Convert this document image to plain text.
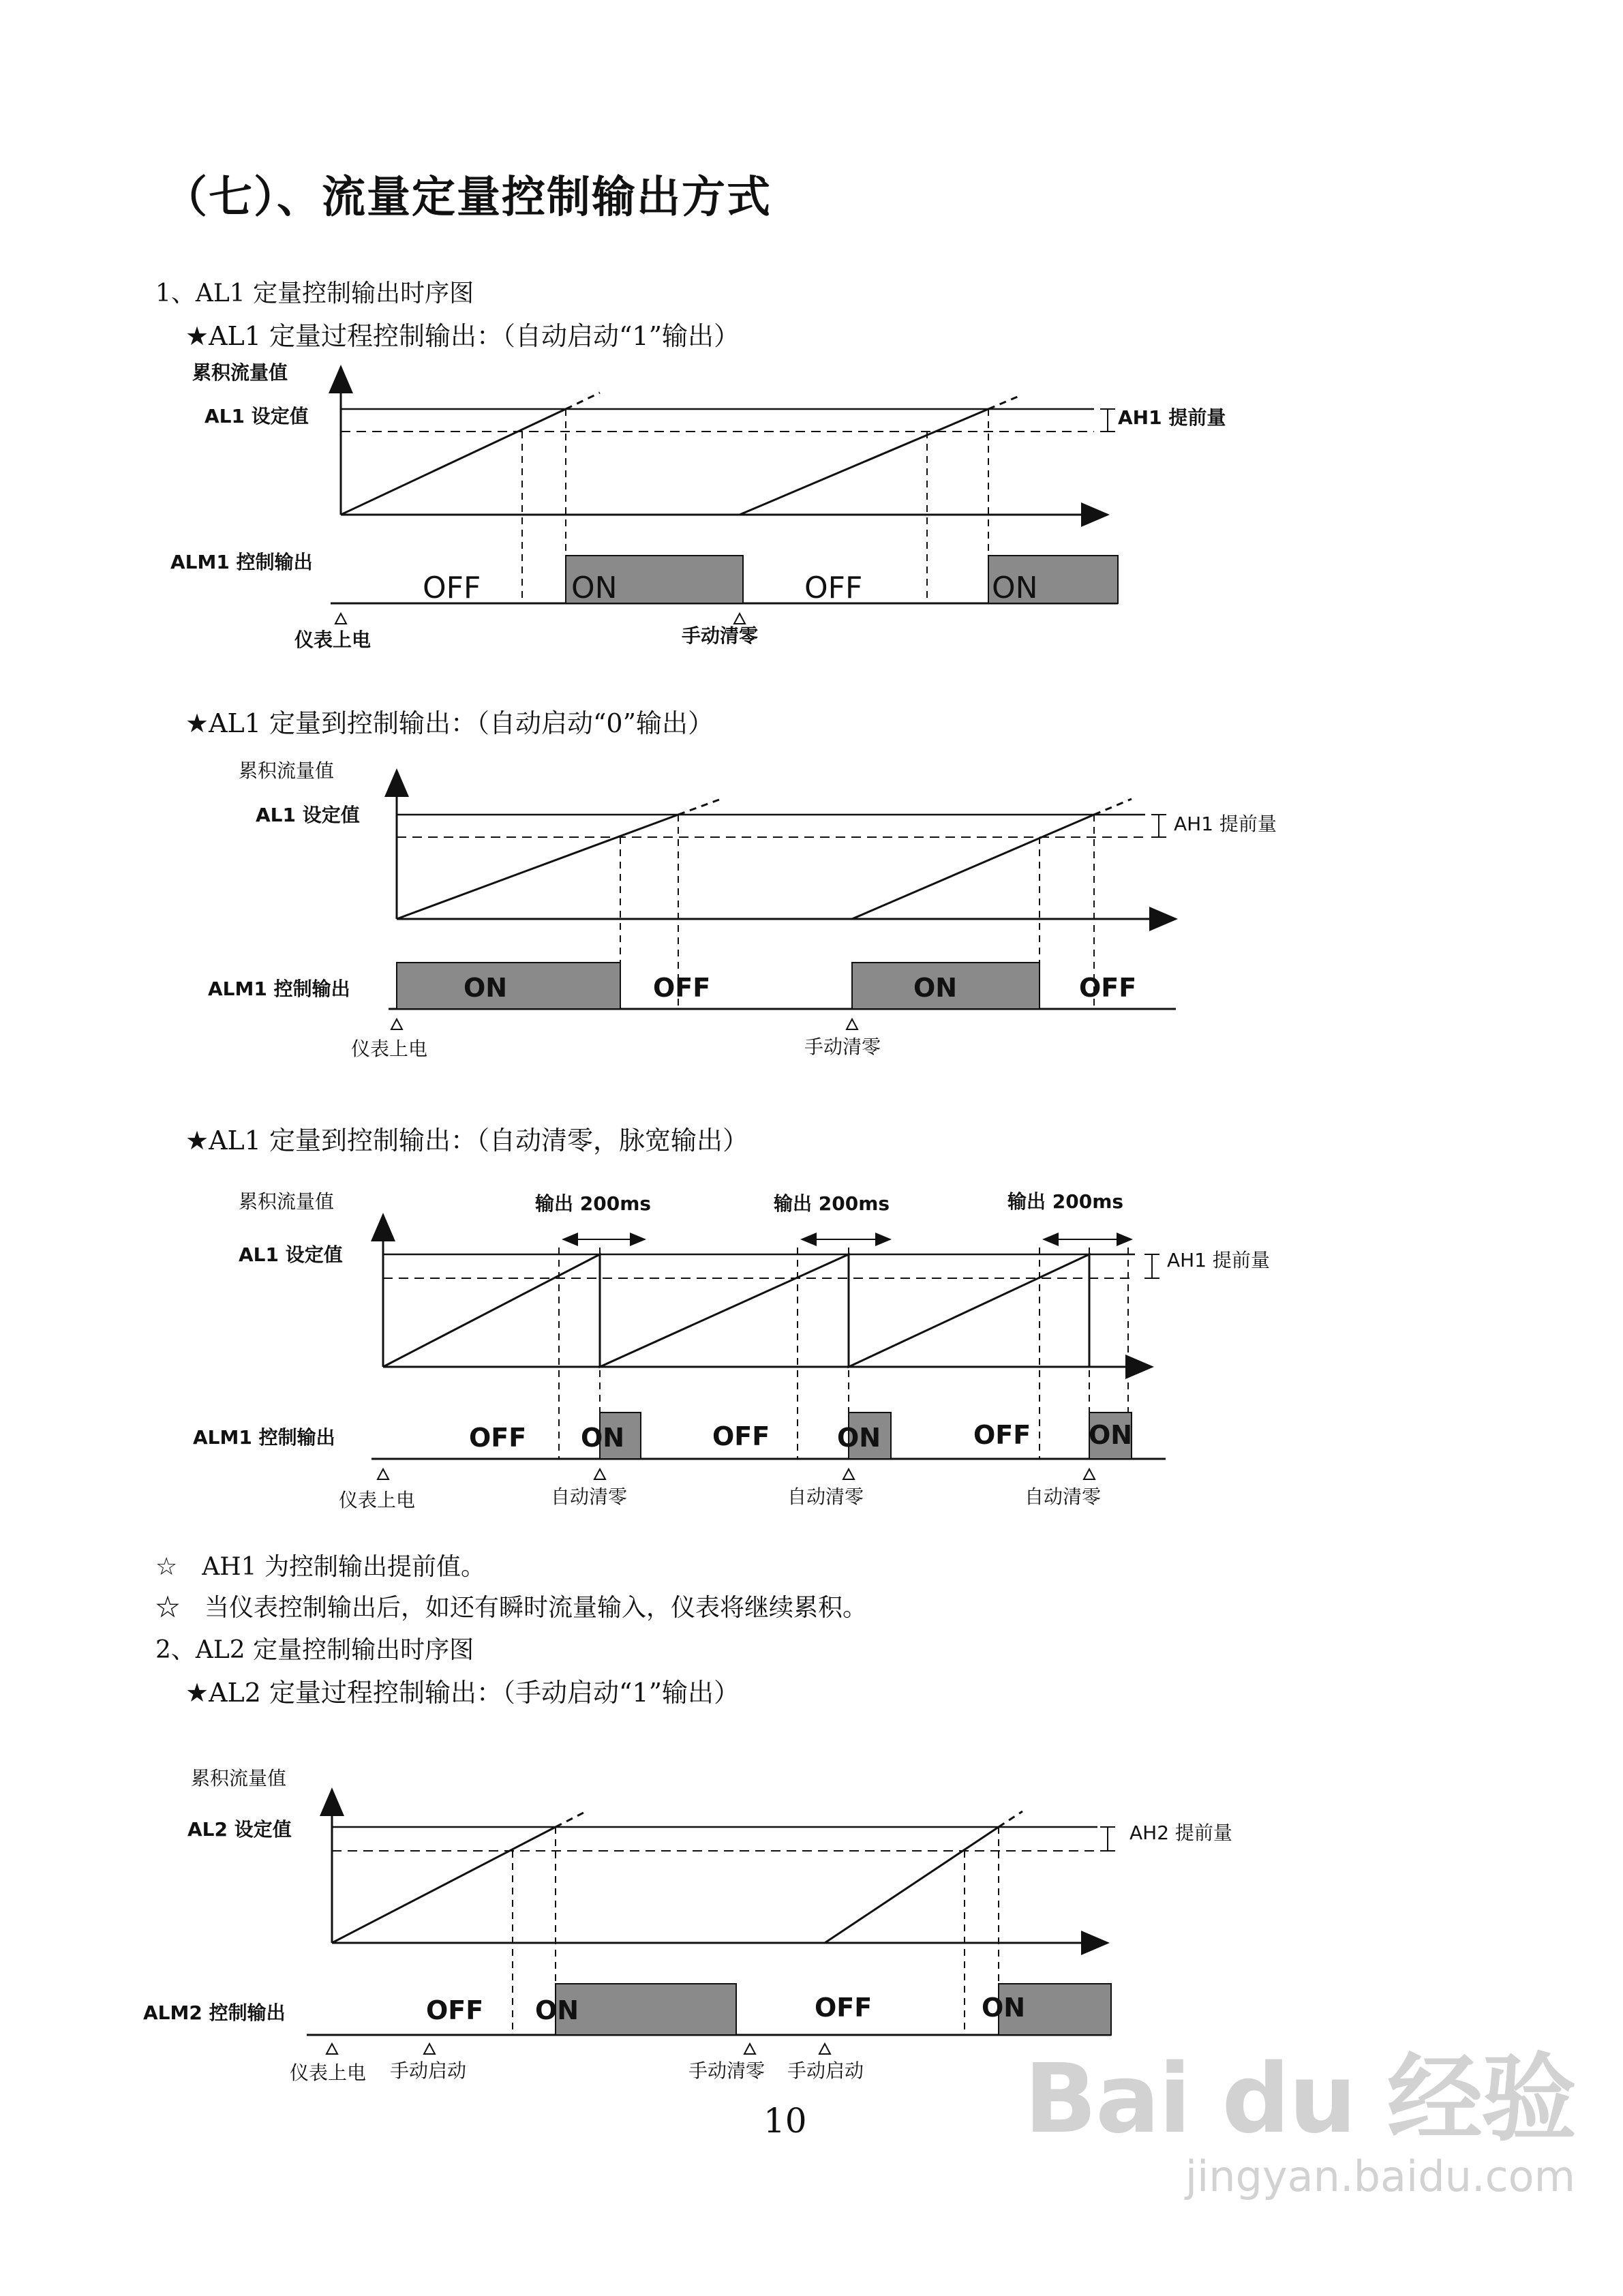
（七）、流量定量控制输出方式
1、AL1 定量控制输出时序图
★AL1 定量过程控制输出：（自动启动“1”输出）
★AL1 定量到控制输出：（自动启动“0”输出）
★AL1 定量到控制输出：（自动清零，脉宽输出）
☆　AH1 为控制输出提前值。
☆　当仪表控制输出后，如还有瞬时流量输入，仪表将继续累积。
2、AL2 定量控制输出时序图
★AL2 定量过程控制输出：（手动启动“1”输出）
10
累积流量值
AL1 设定值	AH1 提前量
ALM1 控制输出
OFF	ON	OFF	ON
仪表上电	手动清零
累积流量值
AL1 设定值	AH1 提前量
ALM1 控制输出	ON	OFF	ON	OFF
仪表上电	手动清零
累积流量值
AL1 设定值	AH1 提前量
输出 200ms	输出 200ms	输出 200ms
ALM1 控制输出	OFF ON	OFF	ON	OFF ON
仪表上电	自动清零	自动清零	自动清零
累积流量值
AL2 设定值	AH2 提前量
ALM2 控制输出	OFF ON	OFF	ON
仪表上电 手动启动	手动清零 手动启动 Bai du 经验
jingyan.baidu.com
